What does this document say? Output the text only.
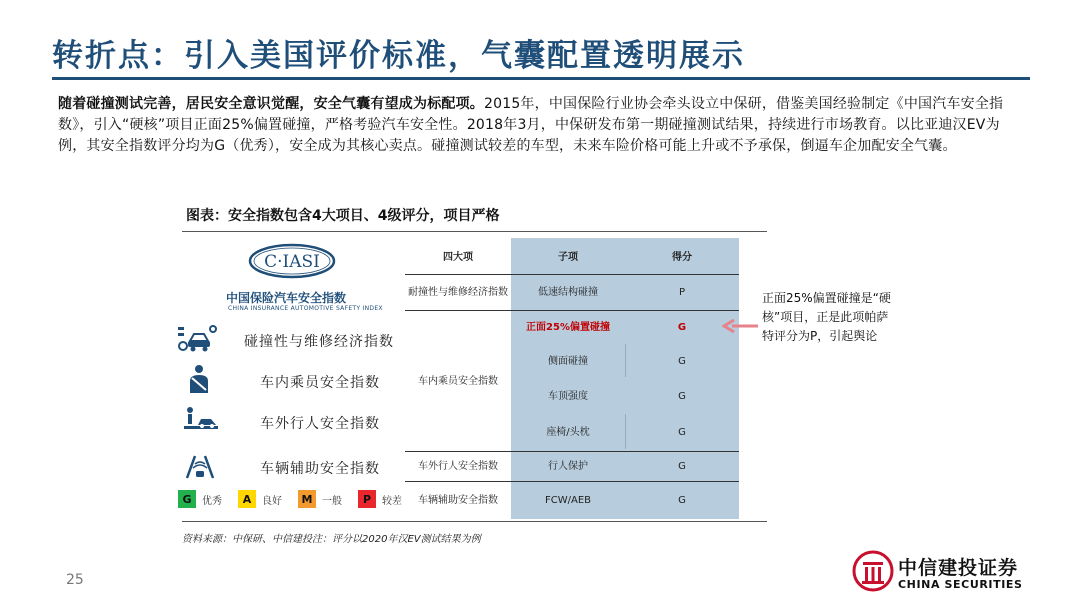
转折点：引入美国评价标准，气囊配置透明展示
随着碰撞测试完善，居民安全意识觉醒，安全气囊有望成为标配项。2015年，中国保险行业协会牵头设立中保研，借鉴美国经验制定《中国汽车安全指数》，引入“硬核”项目正面25%偏置碰撞，严格考验汽车安全性。2018年3月，中保研发布第一期碰撞测试结果，持续进行市场教育。以比亚迪汉EV为例，其安全指数评分均为G（优秀），安全成为其核心卖点。碰撞测试较差的车型，未来车险价格可能上升或不予承保，倒逼车企加配安全气囊。
图表：安全指数包含4大项目、4级评分，项目严格
C·IASI
中国保险汽车安全指数
CHINA INSURANCE AUTOMOTIVE SAFETY INDEX
碰撞性与维修经济指数
车内乘员安全指数
车外行人安全指数
车辆辅助安全指数
G	优秀	A	良好	M 一般	P	较差
四大项	子项	得分
耐撞性与维修经济指数	低速结构碰撞	P
车内乘员安全指数
正面25%偏置碰撞	G
侧面碰撞	G
车顶强度	G
座椅/头枕	G
车外行人安全指数	行人保护	G
车辆辅助安全指数	FCW/AEB	G
正面25%偏置碰撞是“硬核”项目，正是此项帕萨特评分为P，引起舆论
资料来源：中保研、中信建投注：评分以2020年汉EV测试结果为例
25
中信建投证券
CHINA SECURITIES
